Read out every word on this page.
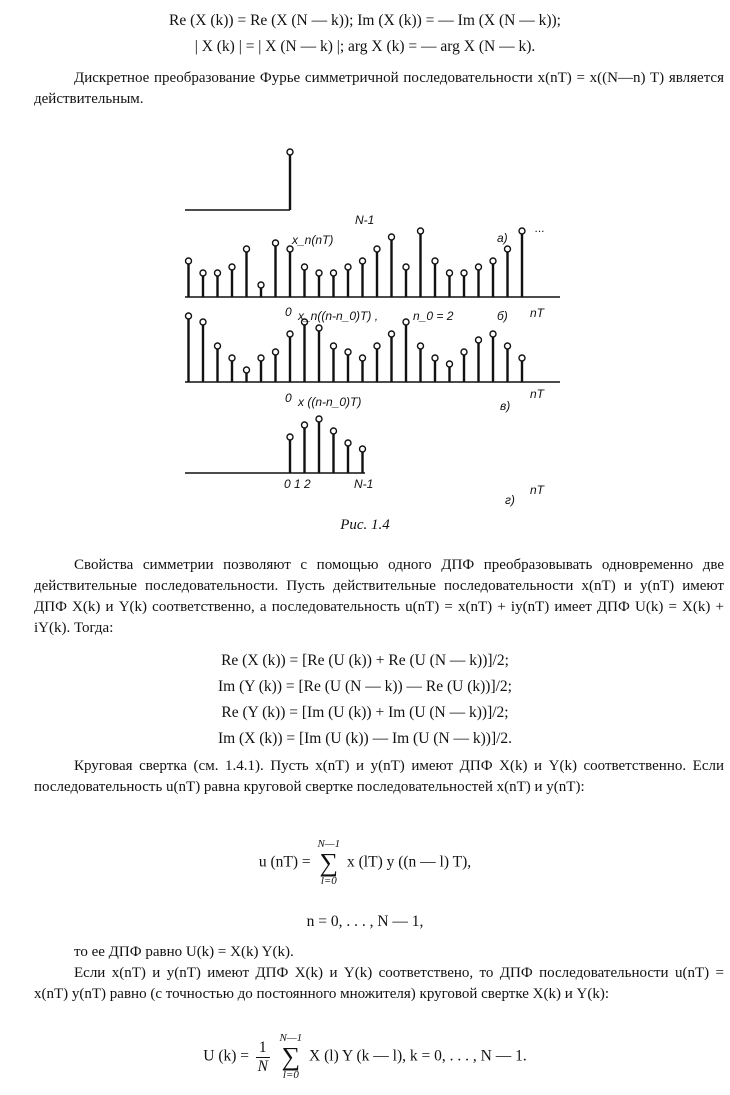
Re (X (k)) = Re (X (N — k)); Im (X (k)) = — Im (X (N — k));
| X (k) | = | X (N — k) |; arg X (k) = — arg X (N — k).
Дискретное преобразование Фурье симметричной последовательности x(nT) = x((N—n) T) является действительным.
x_n(nT)
N-1
а)
...
0 x_n((n-n_0)T) ,	n_0 = 2	б) nT
0 x ((n-n_0)T)	в)
nT
0 1 2	N-1
г)
nT
Рис. 1.4
Свойства симметрии позволяют с помощью одного ДПФ преобразовывать одновременно две действительные последовательности. Пусть действительные последовательности x(nT) и y(nT) имеют ДПФ X(k) и Y(k) соответственно, а последовательность u(nT) = x(nT) + iy(nT) имеет ДПФ U(k) = X(k) + iY(k). Тогда:
Re (X (k)) = [Re (U (k)) + Re (U (N — k))]/2;
Im (Y (k)) = [Re (U (N — k)) — Re (U (k))]/2;
Re (Y (k)) = [Im (U (k)) + Im (U (N — k))]/2;
Im (X (k)) = [Im (U (k)) — Im (U (N — k))]/2.
Круговая свертка (см. 1.4.1). Пусть x(nT) и y(nT) имеют ДПФ X(k) и Y(k) соответственно. Если последовательность u(nT) равна круговой свертке последовательностей x(nT) и y(nT):
u (nT) =
N—1
∑
l=0
x (lT) y ((n — l) T),
n = 0, . . . , N — 1,
то ее ДПФ равно U(k) = X(k) Y(k).
Если x(nT) и y(nT) имеют ДПФ X(k) и Y(k) соответствено, то ДПФ последовательности u(nT) = x(nT) y(nT) равно (с точностью до постоянного множителя) круговой свертке X(k) и Y(k):
U $(k) = \frac{1}{N}$

N—1
∑
l=0
X (l) Y (k — l), k = 0, . . . , N — 1.
